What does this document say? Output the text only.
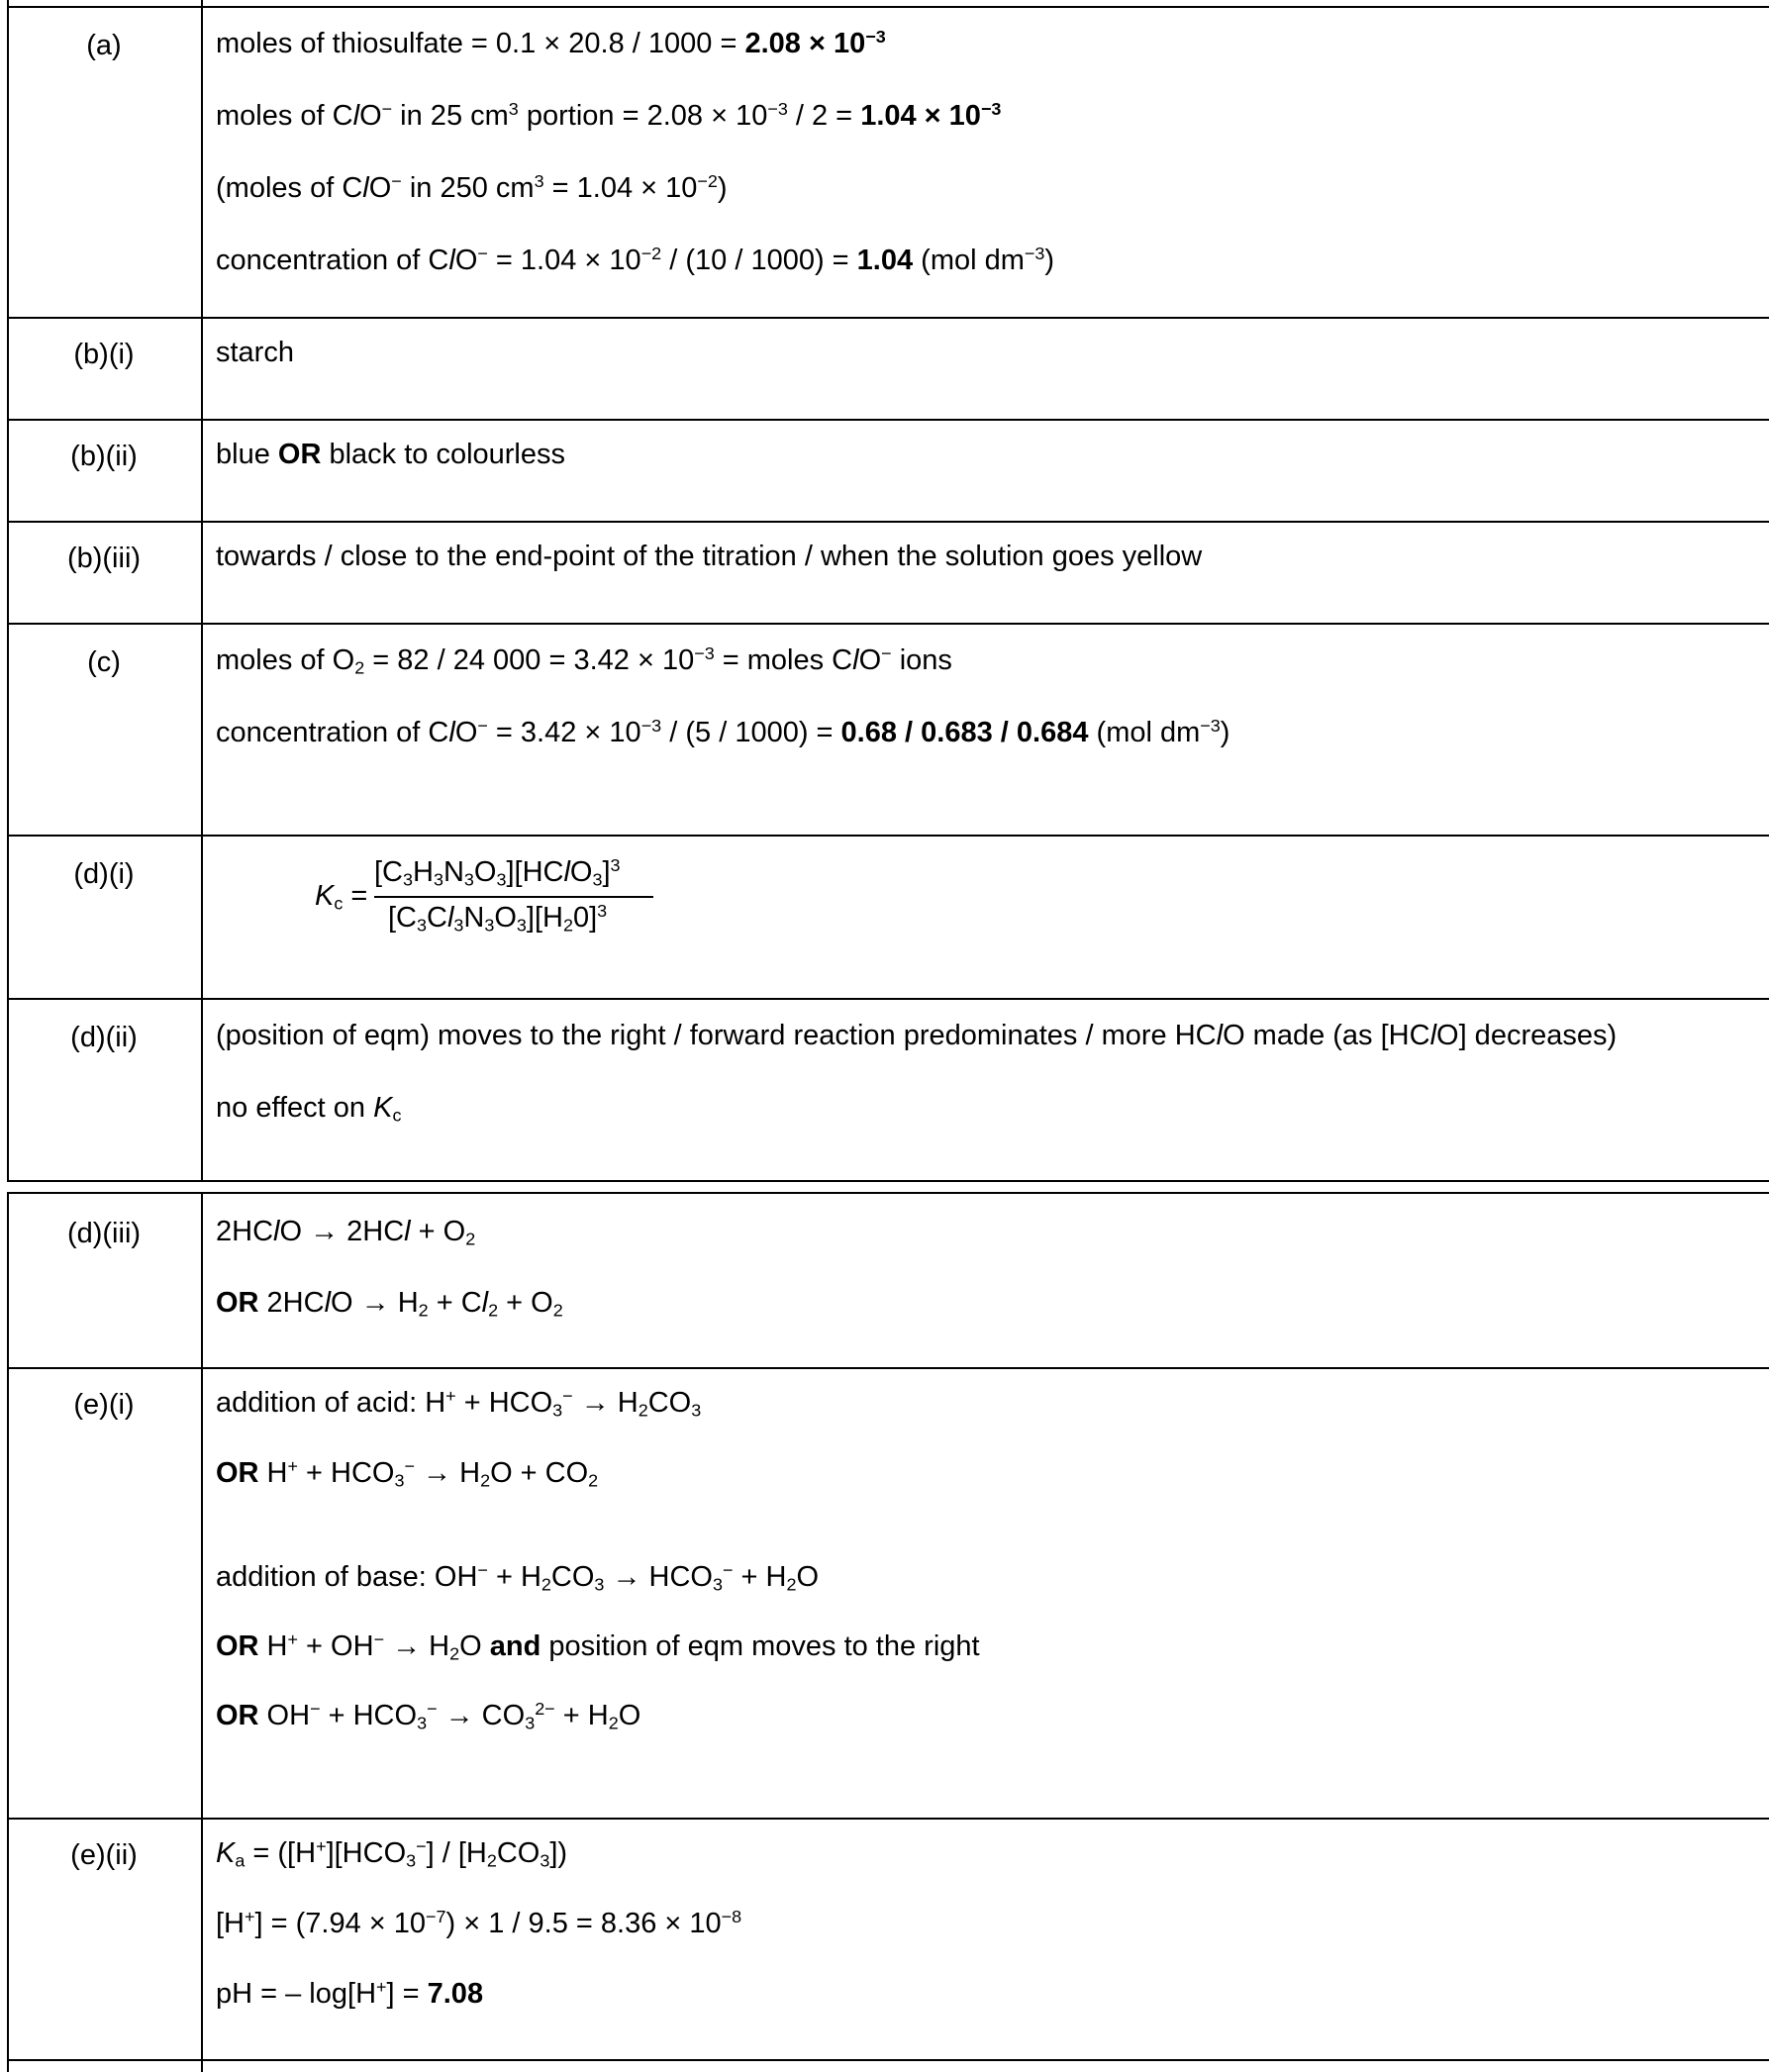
(a)	moles of thiosulfate = $0.1 \times 20.8 / 1000 = 2.08 \times 10^{-3}$
moles of ClO− in 25 $cm^3$ portion = $2.08 \times 10^{-3} / 2 = 1.04 \times 10^{-3}$
(moles of ClO− in 250 $cm^3 = 1.04 \times 10^{-2}$)
concentration of $ClO^- = 1.04 \times 10^{-2} / (10 / 1000) = 1.04$ (mol $dm^{-3}$)
(b)(i)	starch
(b)(ii)	blue OR black to colourless
(b)(iii)	towards / close to the end-point of the titration / when the solution goes yellow
(c)	moles of $O_2 = 82 / 24$ $000 = 3.42 \times 10^{-3}$ = moles ClO− ions
concentration of $ClO^- = 3.42 \times 10^{-3} / (5 / 1000) = 0.68 / 0.683 / 0.684$ (mol $dm^{-3}$)
(d)(i)
$K_c$ =
$[C_3H_3N_3O_3][HClO_3]^3$
$[C_3Cl_3N_3O_3][H_20]^3$
(d)(ii)	(position of eqm) moves to the right / forward reaction predominates / more HClO made (as [HClO] decreases)
no effect on $K_c$
(d)(iii)	2HClO → $2HCl + O_2$
OR 2HClO → $H_2 + Cl_2 + O_2$
(e)(i)	addition of acid: $H^+ + HCO_3^- \to H_2CO_3$
OR $H^+ + HCO_3^- \to H_2O + CO_2$
addition of base: $OH^- + H_2CO_3 \to HCO_3^- + H_2O$
OR $H^+ + OH^- \to H_2O$ and position of eqm moves to the right
OR $OH^- + HCO_3^- \to CO_3^{2-} + H_2O$
(e)(ii)	$K_a = ([H^+][HCO_3^-] / [H_2CO_3])$
$[H^+] = (7.94 \times 10^{-7}) \times 1 / 9.5 = 8.36 \times 10^{-8}$
pH = – log[H+] = 7.08
